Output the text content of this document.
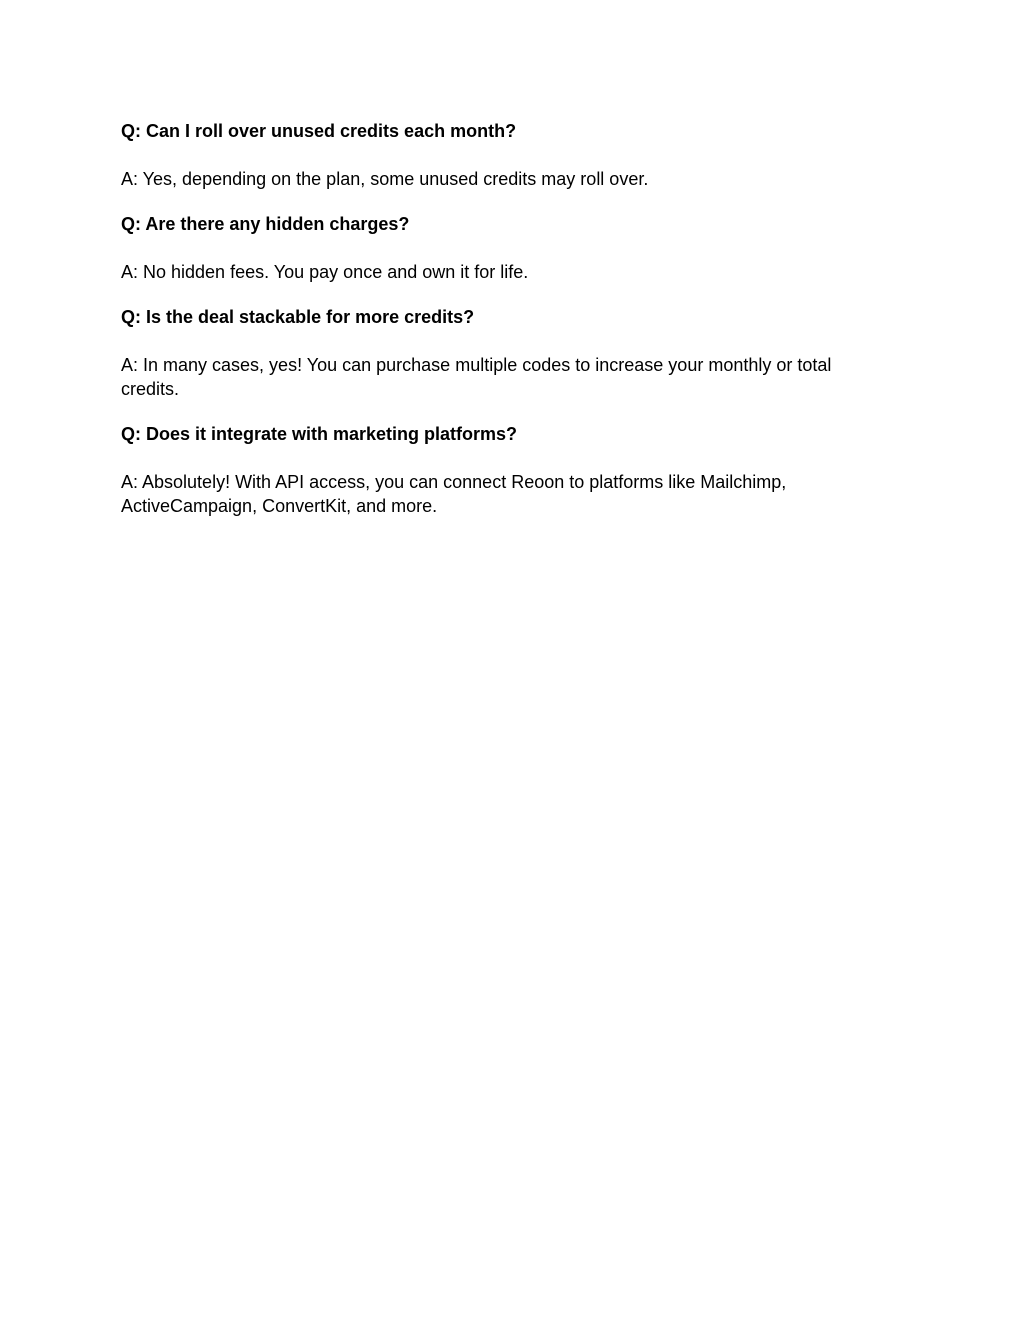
Q: Can I roll over unused credits each month?

A: Yes, depending on the plan, some unused credits may roll over.

Q: Are there any hidden charges?

A: No hidden fees. You pay once and own it for life.

Q: Is the deal stackable for more credits?

A: In many cases, yes! You can purchase multiple codes to increase your monthly or total credits.

Q: Does it integrate with marketing platforms?

A: Absolutely! With API access, you can connect Reoon to platforms like Mailchimp, ActiveCampaign, ConvertKit, and more.
